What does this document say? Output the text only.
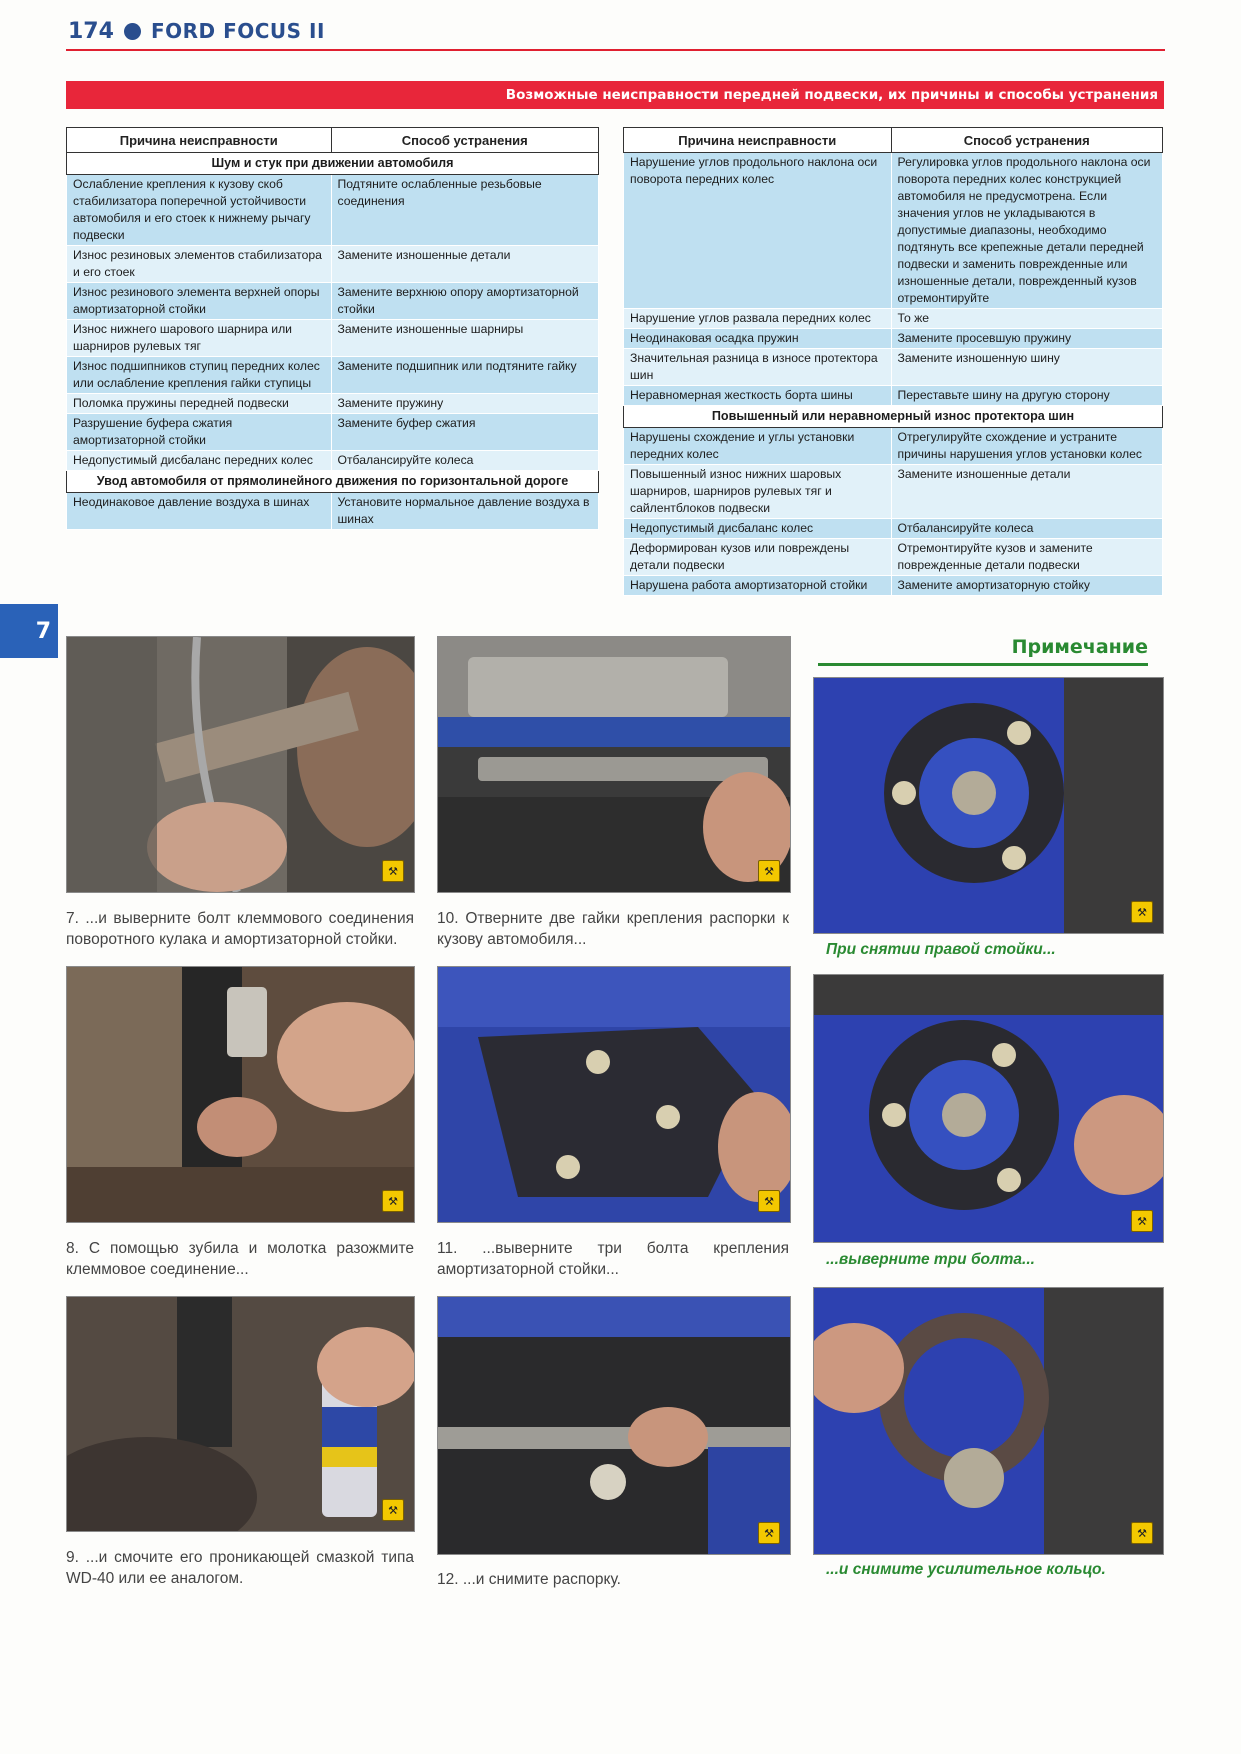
174 FORD FOCUS II
Возможные неисправности передней подвески, их причины и способы устранения
Причина неисправности	Способ устранения
Шум и стук при движении автомобиля	
Ослабление крепления к кузову скоб стабилизатора поперечной устойчивости автомобиля и его стоек к нижнему рычагу подвески	Подтяните ослабленные резьбовые соединения
Износ резиновых элементов стабилизатора и его стоек	Замените изношенные детали
Износ резинового элемента верхней опоры амортизаторной стойки	Замените верхнюю опору амортизаторной стойки
Износ нижнего шарового шарнира или шарниров рулевых тяг	Замените изношенные шарниры
Износ подшипников ступиц передних колес или ослабление крепления гайки ступицы	Замените подшипник или подтяните гайку
Поломка пружины передней подвески	Замените пружину
Разрушение буфера сжатия амортизаторной стойки	Замените буфер сжатия
Недопустимый дисбаланс передних колес	Отбалансируйте колеса
Увод автомобиля от прямолинейного движения по горизонтальной дороге	
Неодинаковое давление воздуха в шинах	Установите нормальное давление воздуха в шинах
Причина неисправности	Способ устранения
Нарушение углов продольного наклона оси поворота передних колес	Регулировка углов продольного наклона оси поворота передних колес конструкцией автомобиля не предусмотрена. Если значения углов не укладываются в допустимые диапазоны, необходимо подтянуть все крепежные детали передней подвески и заменить поврежденные или изношенные детали, поврежденный кузов отремонтируйте
Нарушение углов развала передних колес	То же
Неодинаковая осадка пружин	Замените просевшую пружину
Значительная разница в износе протектора шин	Замените изношенную шину
Неравномерная жесткость борта шины	Переставьте шину на другую сторону
Повышенный или неравномерный износ протектора шин	
Нарушены схождение и углы установки передних колес	Отрегулируйте схождение и устраните причины нарушения углов установки колес
Повышенный износ нижних шаровых шарниров, шарниров рулевых тяг и сайлентблоков подвески	Замените изношенные детали
Недопустимый дисбаланс колес	Отбалансируйте колеса
Деформирован кузов или повреждены детали подвески	Отремонтируйте кузов и замените поврежденные детали подвески
Нарушена работа амортизаторной стойки	Замените амортизаторную стойку
7
⚒
7. ...и выверните болт клеммового соединения поворотного кулака и амортизаторной стойки.
⚒
8. С помощью зубила и молотка разожмите клеммовое соединение...
⚒
9. ...и смочите его проникающей смазкой типа WD-40 или ее аналогом.
⚒
10. Отверните две гайки крепления распорки к кузову автомобиля...
⚒
11. ...выверните три болта крепления амортизаторной стойки...
⚒
12. ...и снимите распорку.
Примечание
⚒
При снятии правой стойки...
⚒
...выверните три болта...
⚒
...и снимите усилительное кольцо.
